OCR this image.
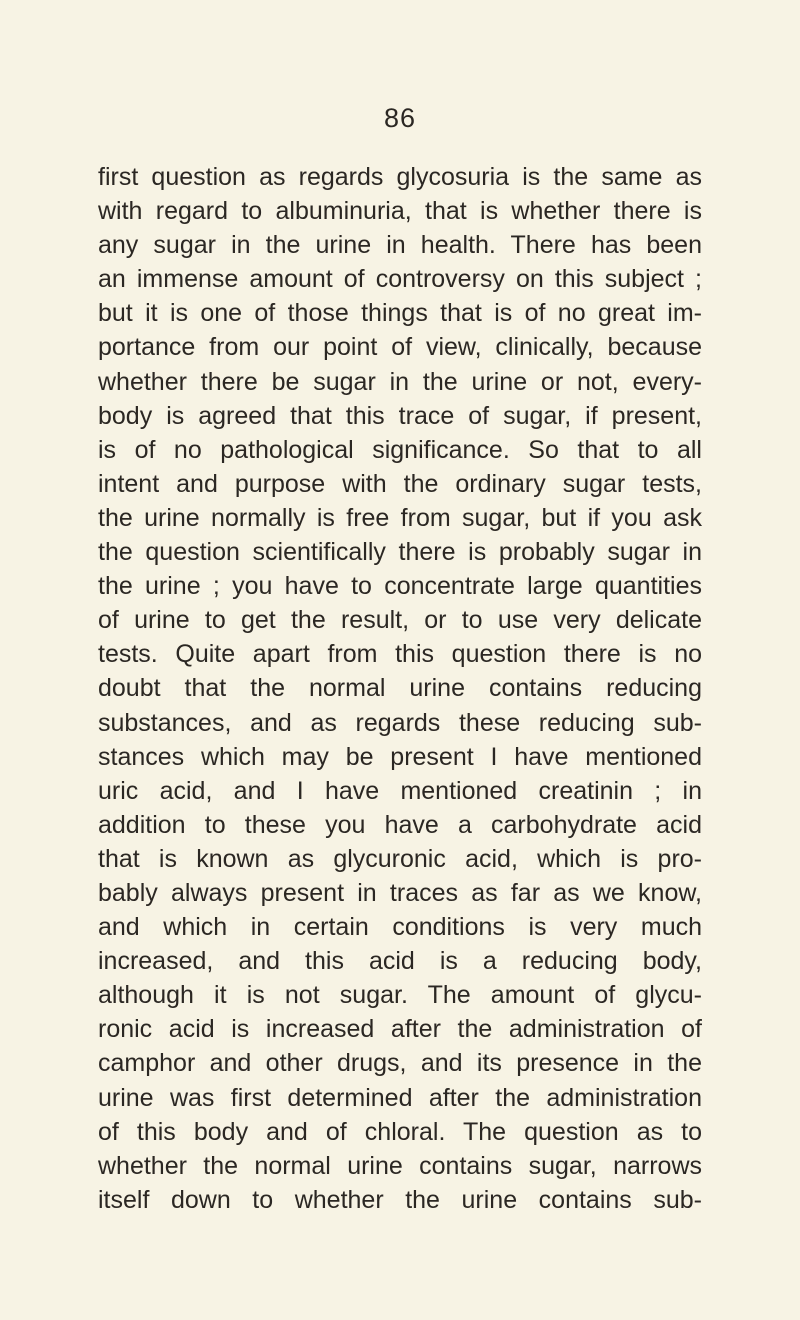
86
first question as regards glycosuria is the same as
with regard to albuminuria, that is whether there is
any sugar in the urine in health. There has been
an immense amount of controversy on this subject ;
but it is one of those things that is of no great im-
portance from our point of view, clinically, because
whether there be sugar in the urine or not, every-
body is agreed that this trace of sugar, if present,
is of no pathological significance. So that to all
intent and purpose with the ordinary sugar tests,
the urine normally is free from sugar, but if you ask
the question scientifically there is probably sugar in
the urine ; you have to concentrate large quantities
of urine to get the result, or to use very delicate
tests. Quite apart from this question there is no
doubt that the normal urine contains reducing
substances, and as regards these reducing sub-
stances which may be present I have mentioned
uric acid, and I have mentioned creatinin ; in
addition to these you have a carbohydrate acid
that is known as glycuronic acid, which is pro-
bably always present in traces as far as we know,
and which in certain conditions is very much
increased, and this acid is a reducing body,
although it is not sugar. The amount of glycu-
ronic acid is increased after the administration of
camphor and other drugs, and its presence in the
urine was first determined after the administration
of this body and of chloral. The question as to
whether the normal urine contains sugar, narrows
itself down to whether the urine contains sub-
